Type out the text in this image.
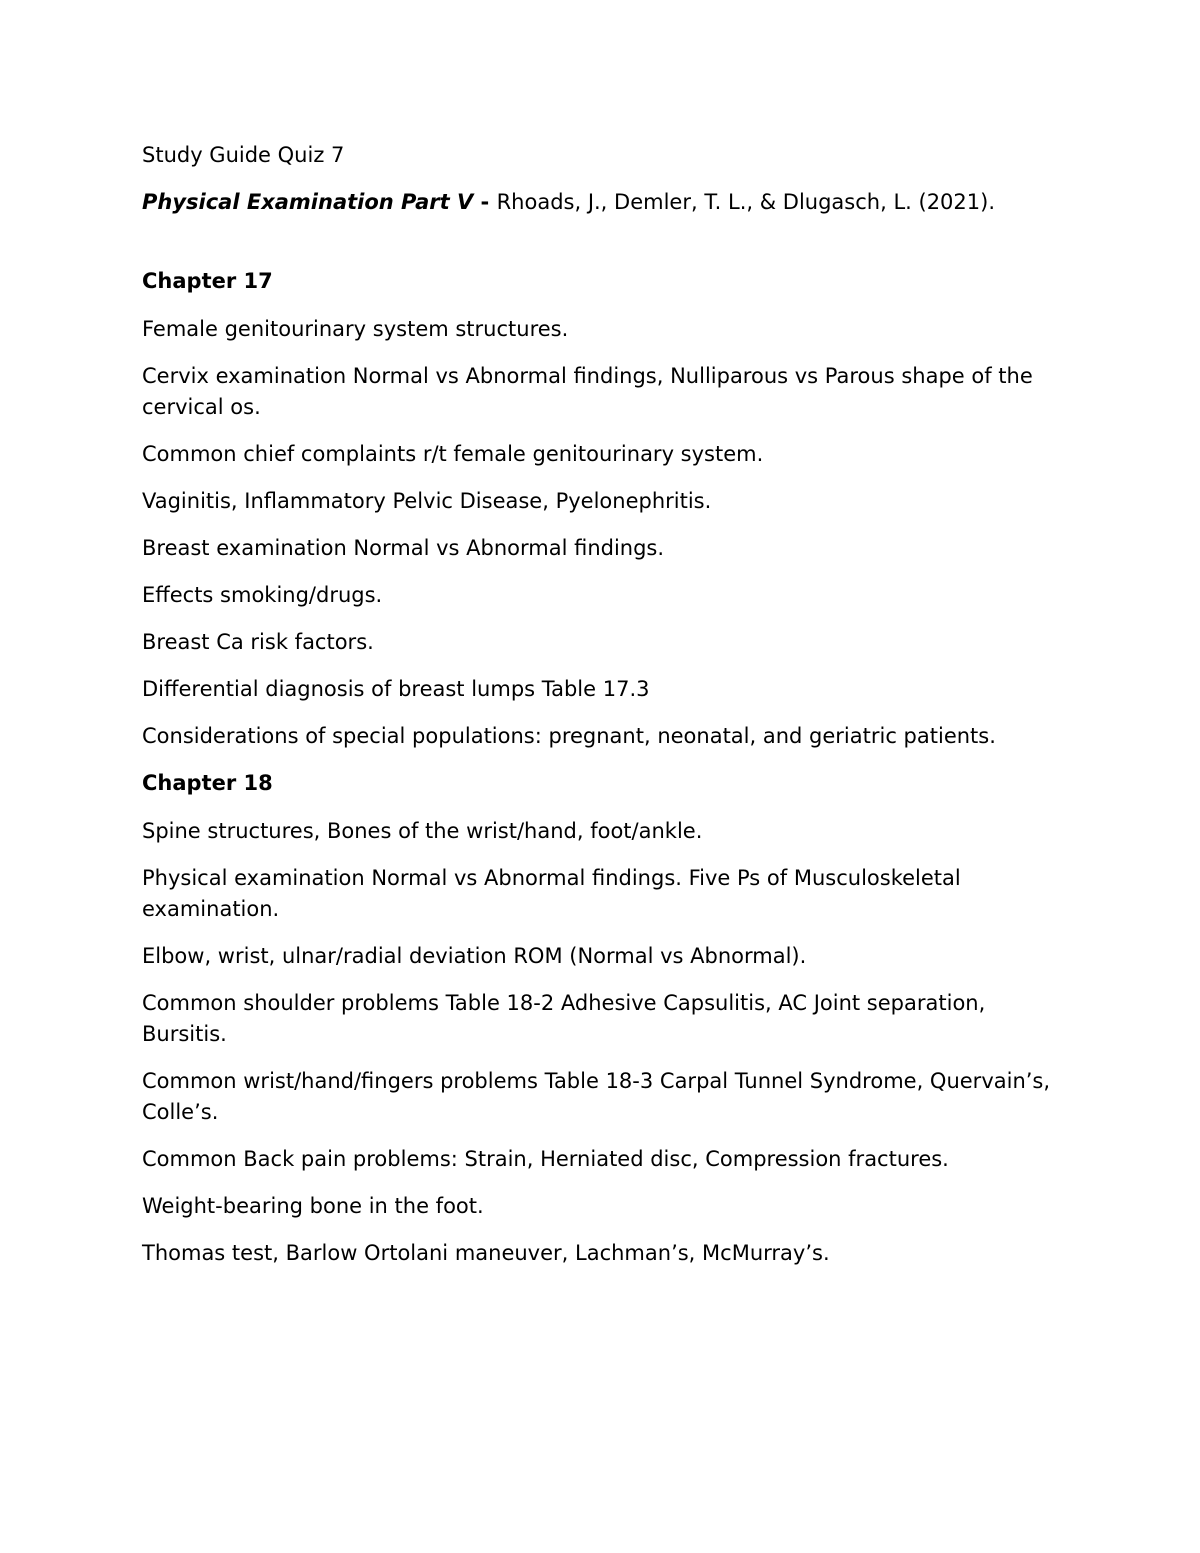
Study Guide Quiz 7

Physical Examination Part V - Rhoads, J., Demler, T. L., & Dlugasch, L. (2021).

Chapter 17

Female genitourinary system structures.

Cervix examination Normal vs Abnormal findings, Nulliparous vs Parous shape of the cervical os.

Common chief complaints r/t female genitourinary system.

Vaginitis, Inflammatory Pelvic Disease, Pyelonephritis.

Breast examination Normal vs Abnormal findings.

Effects smoking/drugs.

Breast Ca risk factors.

Differential diagnosis of breast lumps Table 17.3

Considerations of special populations: pregnant, neonatal, and geriatric patients.

Chapter 18

Spine structures, Bones of the wrist/hand, foot/ankle.

Physical examination Normal vs Abnormal findings. Five Ps of Musculoskeletal examination.

Elbow, wrist, ulnar/radial deviation ROM (Normal vs Abnormal).

Common shoulder problems Table 18-2 Adhesive Capsulitis, AC Joint separation, Bursitis.

Common wrist/hand/fingers problems Table 18-3 Carpal Tunnel Syndrome, Quervain’s, Colle’s.

Common Back pain problems: Strain, Herniated disc, Compression fractures.

Weight-bearing bone in the foot.

Thomas test, Barlow Ortolani maneuver, Lachman’s, McMurray’s.
